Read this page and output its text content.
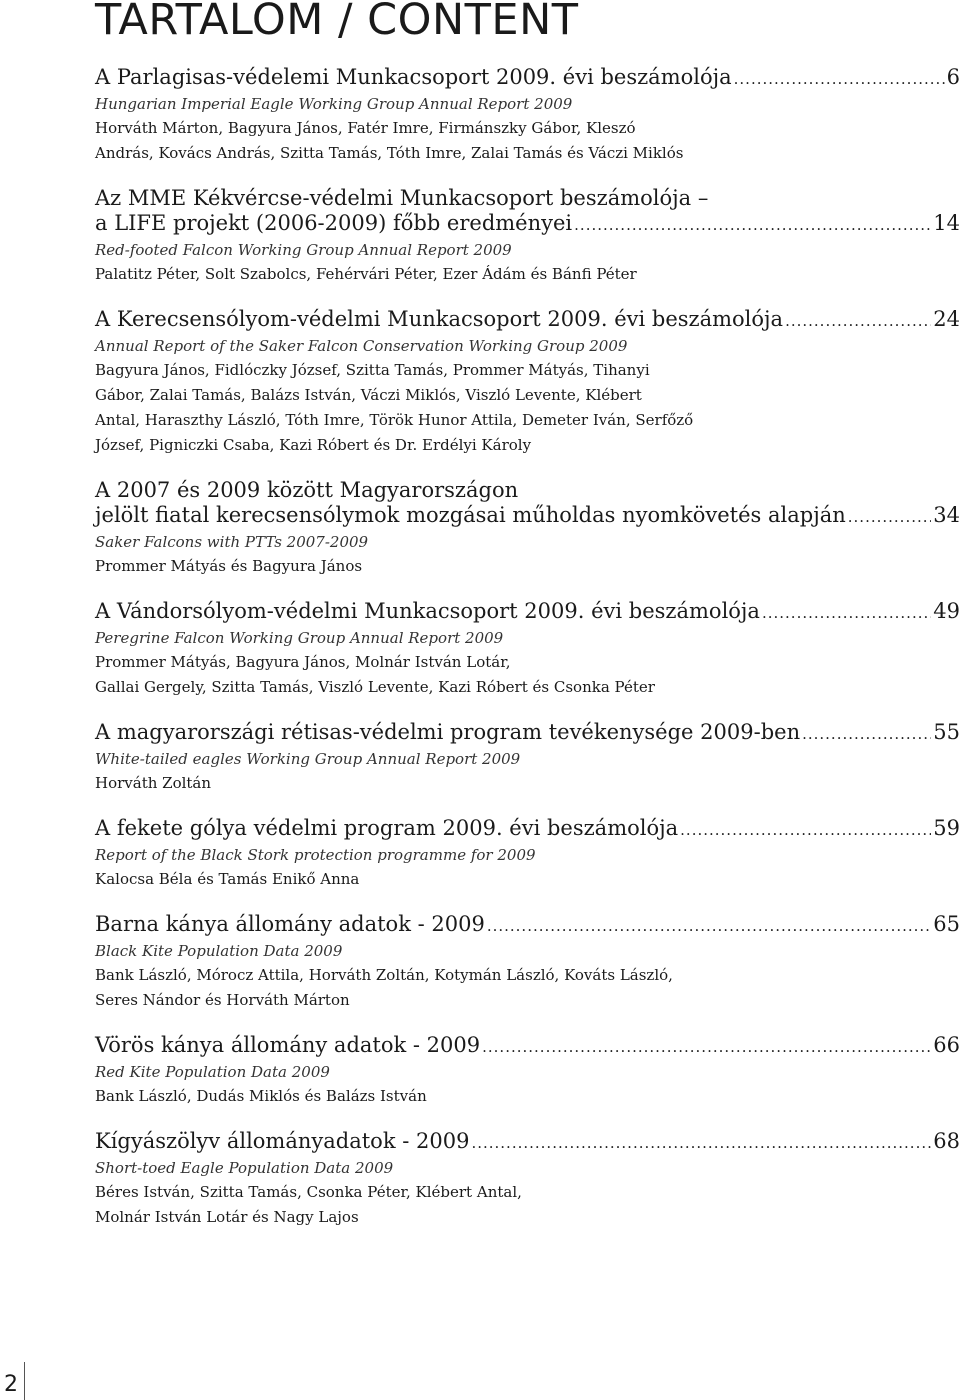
TARTALOM / CONTENT
A Parlagisas-védelemi Munkacsoport 2009. évi beszámolója .....	6
Hungarian Imperial Eagle Working Group Annual Report 2009
Horváth Márton, Bagyura János, Fatér Imre, Firmánszky Gábor, Kleszó
András, Kovács András, Szitta Tamás, Tóth Imre, Zalai Tamás és Váczi Miklós
Az MME Kékvércse-védelmi Munkacsoport beszámolója –
a LIFE projekt (2006-2009) főbb eredményei .....	14
Red-footed Falcon Working Group Annual Report 2009
Palatitz Péter, Solt Szabolcs, Fehérvári Péter, Ezer Ádám és Bánfi Péter
A Kerecsensólyom-védelmi Munkacsoport 2009. évi beszámolója .....	24
Annual Report of the Saker Falcon Conservation Working Group 2009
Bagyura János, Fidlóczky József, Szitta Tamás, Prommer Mátyás, Tihanyi
Gábor, Zalai Tamás, Balázs István, Váczi Miklós, Viszló Levente, Klébert
Antal, Haraszthy László, Tóth Imre, Török Hunor Attila, Demeter Iván, Serfőző
József, Pigniczki Csaba, Kazi Róbert és Dr. Erdélyi Károly
A 2007 és 2009 között Magyarországon
jelölt fiatal kerecsensólymok mozgásai műholdas nyomkövetés alapján .....	34
Saker Falcons with PTTs 2007-2009
Prommer Mátyás és Bagyura János
A Vándorsólyom-védelmi Munkacsoport 2009. évi beszámolója .....	49
Peregrine Falcon Working Group Annual Report 2009
Prommer Mátyás, Bagyura János, Molnár István Lotár,
Gallai Gergely, Szitta Tamás, Viszló Levente, Kazi Róbert és Csonka Péter
A magyarországi rétisas-védelmi program tevékenysége 2009-ben .....	55
White-tailed eagles Working Group Annual Report 2009
Horváth Zoltán
A fekete gólya védelmi program 2009. évi beszámolója .....	59
Report of the Black Stork protection programme for 2009
Kalocsa Béla és Tamás Enikő Anna
Barna kánya állomány adatok - 2009 .....	65
Black Kite Population Data 2009
Bank László, Mórocz Attila, Horváth Zoltán, Kotymán László, Kováts László,
Seres Nándor és Horváth Márton
Vörös kánya állomány adatok - 2009 .....	66
Red Kite Population Data 2009
Bank László, Dudás Miklós és Balázs István
Kígyászölyv állományadatok - 2009 .....	68
Short-toed Eagle Population Data 2009
Béres István, Szitta Tamás, Csonka Péter, Klébert Antal,
Molnár István Lotár és Nagy Lajos
2
